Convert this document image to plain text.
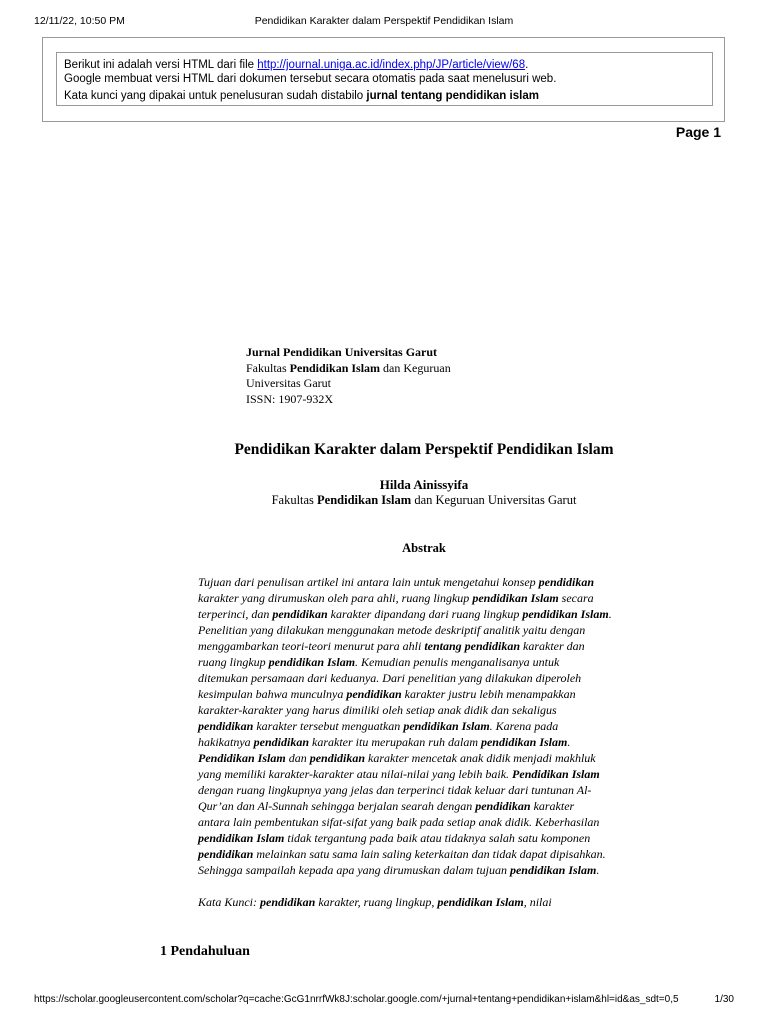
12/11/22, 10:50 PM	Pendidikan Karakter dalam Perspektif Pendidikan Islam
Berikut ini adalah versi HTML dari file http://journal.uniga.ac.id/index.php/JP/article/view/68.
Google membuat versi HTML dari dokumen tersebut secara otomatis pada saat menelusuri web.
Kata kunci yang dipakai untuk penelusuran sudah distabilo jurnal tentang pendidikan islam
Page 1
Jurnal Pendidikan Universitas Garut
Fakultas Pendidikan Islam dan Keguruan
Universitas Garut
ISSN: 1907-932X
Pendidikan Karakter dalam Perspektif Pendidikan Islam
Hilda Ainissyifa
Fakultas Pendidikan Islam dan Keguruan Universitas Garut
Abstrak
Tujuan dari penulisan artikel ini antara lain untuk mengetahui konsep pendidikan
karakter yang dirumuskan oleh para ahli, ruang lingkup pendidikan Islam secara
terperinci, dan pendidikan karakter dipandang dari ruang lingkup pendidikan Islam.
Penelitian yang dilakukan menggunakan metode deskriptif analitik yaitu dengan
menggambarkan teori-teori menurut para ahli tentang pendidikan karakter dan
ruang lingkup pendidikan Islam. Kemudian penulis menganalisanya untuk
ditemukan persamaan dari keduanya. Dari penelitian yang dilakukan diperoleh
kesimpulan bahwa munculnya pendidikan karakter justru lebih menampakkan
karakter-karakter yang harus dimiliki oleh setiap anak didik dan sekaligus
pendidikan karakter tersebut menguatkan pendidikan Islam. Karena pada
hakikatnya pendidikan karakter itu merupakan ruh dalam pendidikan Islam.
Pendidikan Islam dan pendidikan karakter mencetak anak didik menjadi makhluk
yang memiliki karakter-karakter atau nilai-nilai yang lebih baik. Pendidikan Islam
dengan ruang lingkupnya yang jelas dan terperinci tidak keluar dari tuntunan Al-
Qur’an dan Al-Sunnah sehingga berjalan searah dengan pendidikan karakter
antara lain pembentukan sifat-sifat yang baik pada setiap anak didik. Keberhasilan
pendidikan Islam tidak tergantung pada baik atau tidaknya salah satu komponen
pendidikan melainkan satu sama lain saling keterkaitan dan tidak dapat dipisahkan.
Sehingga sampailah kepada apa yang dirumuskan dalam tujuan pendidikan Islam.
Kata Kunci: pendidikan karakter, ruang lingkup, pendidikan Islam, nilai
1 Pendahuluan
https://scholar.googleusercontent.com/scholar?q=cache:GcG1nrrfWk8J:scholar.google.com/+jurnal+tentang+pendidikan+islam&hl=id&as_sdt=0,5	1/30
